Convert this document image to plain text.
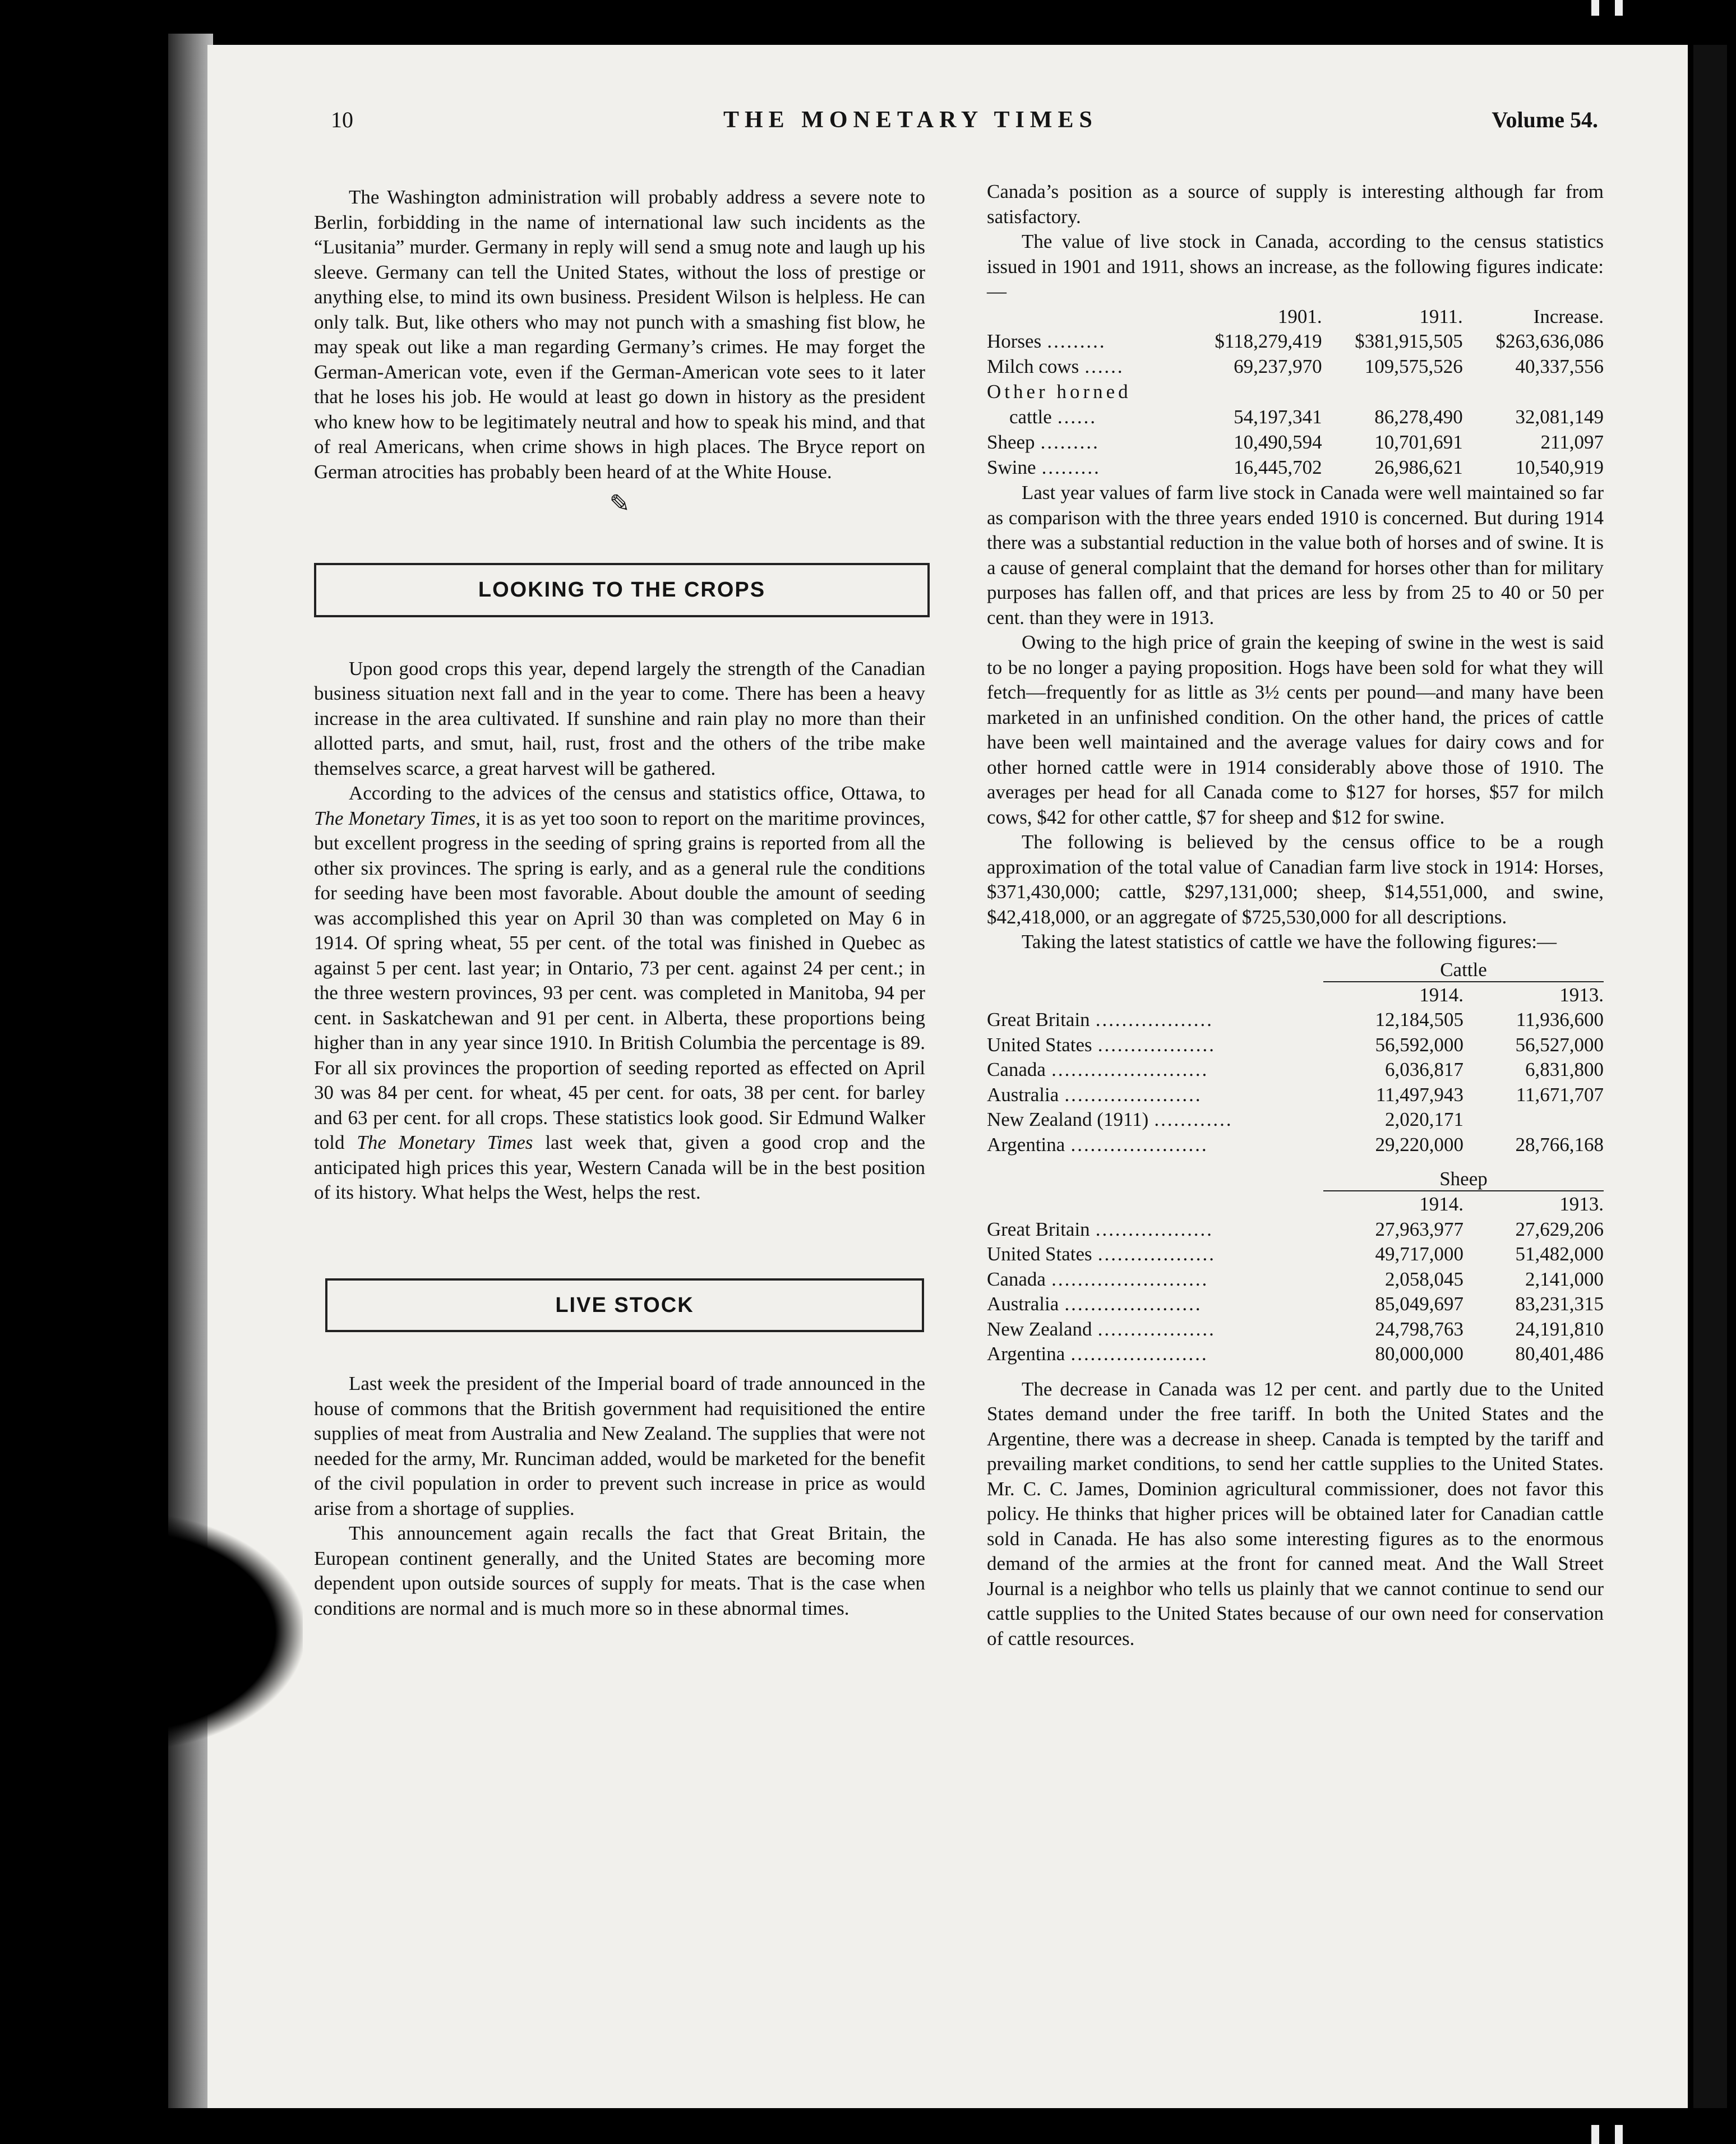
10	THE MONETARY TIMES	Volume 54.

The Washington administration will probably address a severe note to Berlin, forbidding in the name of international law such incidents as the “Lusitania” murder. Germany in reply will send a smug note and laugh up his sleeve. Germany can tell the United States, without the loss of prestige or anything else, to mind its own business. President Wilson is helpless. He can only talk. But, like others who may not punch with a smashing fist blow, he may speak out like a man regarding Germany’s crimes. He may forget the German-American vote, even if the German-American vote sees to it later that he loses his job. He would at least go down in history as the president who knew how to be legitimately neutral and how to speak his mind, and that of real Americans, when crime shows in high places. The Bryce report on German atrocities has probably been heard of at the White House.

✎
LOOKING TO THE CROPS

Upon good crops this year, depend largely the strength of the Canadian business situation next fall and in the year to come. There has been a heavy increase in the area cultivated. If sunshine and rain play no more than their allotted parts, and smut, hail, rust, frost and the others of the tribe make themselves scarce, a great harvest will be gathered.

According to the advices of the census and statistics office, Ottawa, to The Monetary Times, it is as yet too soon to report on the maritime provinces, but excellent progress in the seeding of spring grains is reported from all the other six provinces. The spring is early, and as a general rule the conditions for seeding have been most favorable. About double the amount of seeding was accomplished this year on April 30 than was completed on May 6 in 1914. Of spring wheat, 55 per cent. of the total was finished in Quebec as against 5 per cent. last year; in Ontario, 73 per cent. against 24 per cent.; in the three western provinces, 93 per cent. was completed in Manitoba, 94 per cent. in Saskatchewan and 91 per cent. in Alberta, these proportions being higher than in any year since 1910. In British Columbia the percentage is 89. For all six provinces the proportion of seeding reported as effected on April 30 was 84 per cent. for wheat, 45 per cent. for oats, 38 per cent. for barley and 63 per cent. for all crops. These statistics look good. Sir Edmund Walker told The Monetary Times last week that, given a good crop and the anticipated high prices this year, Western Canada will be in the best position of its history. What helps the West, helps the rest.

LIVE STOCK

Last week the president of the Imperial board of trade announced in the house of commons that the British government had requisitioned the entire supplies of meat from Australia and New Zealand. The supplies that were not needed for the army, Mr. Runciman added, would be marketed for the benefit of the civil population in order to prevent such increase in price as would arise from a shortage of supplies.

This announcement again recalls the fact that Great Britain, the European continent generally, and the United States are becoming more dependent upon outside sources of supply for meats. That is the case when conditions are normal and is much more so in these abnormal times.

Canada’s position as a source of supply is interesting although far from satisfactory.

The value of live stock in Canada, according to the census statistics issued in 1901 and 1911, shows an increase, as the following figures indicate:—

	1901.	1911.	Increase.
Horses ………	$118,279,419	$381,915,505	$263,636,086
Milch cows ……	69,237,970	109,575,526	40,337,556
Other horned			
cattle ……	54,197,341	86,278,490	32,081,149
Sheep ………	10,490,594	10,701,691	211,097
Swine ………	16,445,702	26,986,621	10,540,919

Last year values of farm live stock in Canada were well maintained so far as comparison with the three years ended 1910 is concerned. But during 1914 there was a substantial reduction in the value both of horses and of swine. It is a cause of general complaint that the demand for horses other than for military purposes has fallen off, and that prices are less by from 25 to 40 or 50 per cent. than they were in 1913.

Owing to the high price of grain the keeping of swine in the west is said to be no longer a paying proposition. Hogs have been sold for what they will fetch—frequently for as little as 3½ cents per pound—and many have been marketed in an unfinished condition. On the other hand, the prices of cattle have been well maintained and the average values for dairy cows and for other horned cattle were in 1914 considerably above those of 1910. The averages per head for all Canada come to $127 for horses, $57 for milch cows, $42 for other cattle, $7 for sheep and $12 for swine.

The following is believed by the census office to be a rough approximation of the total value of Canadian farm live stock in 1914: Horses, $371,430,000; cattle, $297,131,000; sheep, $14,551,000, and swine, $42,418,000, or an aggregate of $725,530,000 for all descriptions.

Taking the latest statistics of cattle we have the following figures:—

	Cattle	

	1914.	1913.
Great Britain ………………	12,184,505	11,936,600
United States ………………	56,592,000	56,527,000
Canada ……………………	6,036,817	6,831,800
Australia …………………	11,497,943	11,671,707
New Zealand (1911) …………	2,020,171	
Argentina …………………	29,220,000	28,766,168

	Sheep	

	1914.	1913.
Great Britain ………………	27,963,977	27,629,206
United States ………………	49,717,000	51,482,000
Canada ……………………	2,058,045	2,141,000
Australia …………………	85,049,697	83,231,315
New Zealand ………………	24,798,763	24,191,810
Argentina …………………	80,000,000	80,401,486

The decrease in Canada was 12 per cent. and partly due to the United States demand under the free tariff. In both the United States and the Argentine, there was a decrease in sheep. Canada is tempted by the tariff and prevailing market conditions, to send her cattle supplies to the United States. Mr. C. C. James, Dominion agricultural commissioner, does not favor this policy. He thinks that higher prices will be obtained later for Canadian cattle sold in Canada. He has also some interesting figures as to the enormous demand of the armies at the front for canned meat. And the Wall Street Journal is a neighbor who tells us plainly that we cannot continue to send our cattle supplies to the United States because of our own need for conservation of cattle resources.
